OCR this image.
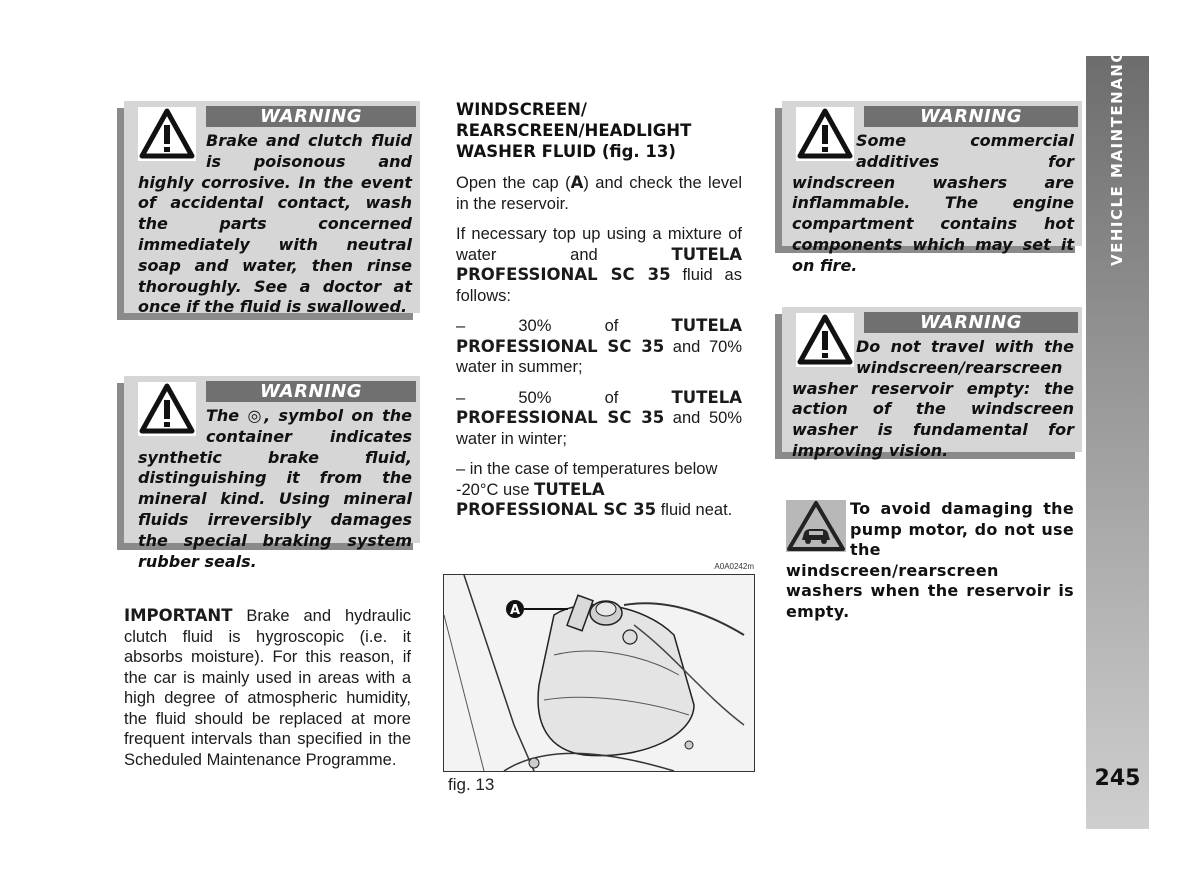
WARNING
Brake and clutch fluid is poisonous and highly corrosive. In the event of accidental contact, wash the parts concerned immediately with neutral soap and water, then rinse thoroughly. See a doctor at once if the fluid is swallowed.
WARNING
The ◎, symbol on the container indicates synthetic brake fluid, distinguishing it from the mineral kind. Using mineral fluids irreversibly damages the special braking system rubber seals.
IMPORTANT Brake and hydraulic clutch fluid is hygroscopic (i.e. it absorbs moisture). For this reason, if the car is mainly used in areas with a high degree of atmospheric humidity, the fluid should be replaced at more frequent intervals than specified in the Scheduled Maintenance Programme.
WINDSCREEN/ REARSCREEN/HEADLIGHT WASHER FLUID (fig. 13)

Open the cap (A) and check the level in the reservoir.

If necessary top up using a mixture of water and TUTELA PROFESSIONAL SC 35 fluid as follows:

– 30% of TUTELA PROFESSIONAL SC 35 and 70% water in summer;

– 50% of TUTELA PROFESSIONAL SC 35 and 50% water in winter;

– in the case of temperatures below -20°C use TUTELA PROFESSIONAL SC 35 fluid neat.

A0A0242m
A
fig. 13
WARNING
Some commercial additives for windscreen washers are inflammable. The engine compartment contains hot components which may set it on fire.
WARNING
Do not travel with the windscreen/rearscreen washer reservoir empty: the action of the windscreen washer is fundamental for improving vision.
To avoid damaging the pump motor, do not use the windscreen/rearscreen washers when the reservoir is empty.
VEHICLE MAINTENANCE
245
